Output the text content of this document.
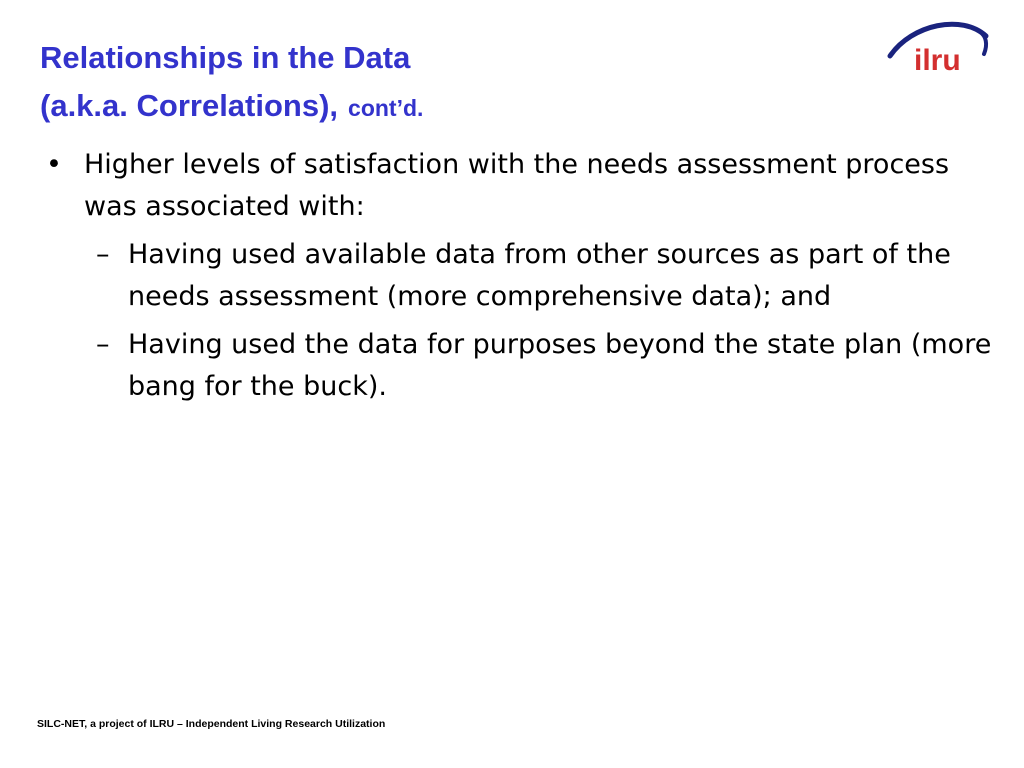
Relationships in the Data
(a.k.a. Correlations), cont’d.
ilru
• Higher levels of satisfaction with the needs assessment process was associated with:
– Having used available data from other sources as part of the needs assessment (more comprehensive data); and
– Having used the data for purposes beyond the state plan (more bang for the buck).
SILC-NET, a project of ILRU – Independent Living Research Utilization
